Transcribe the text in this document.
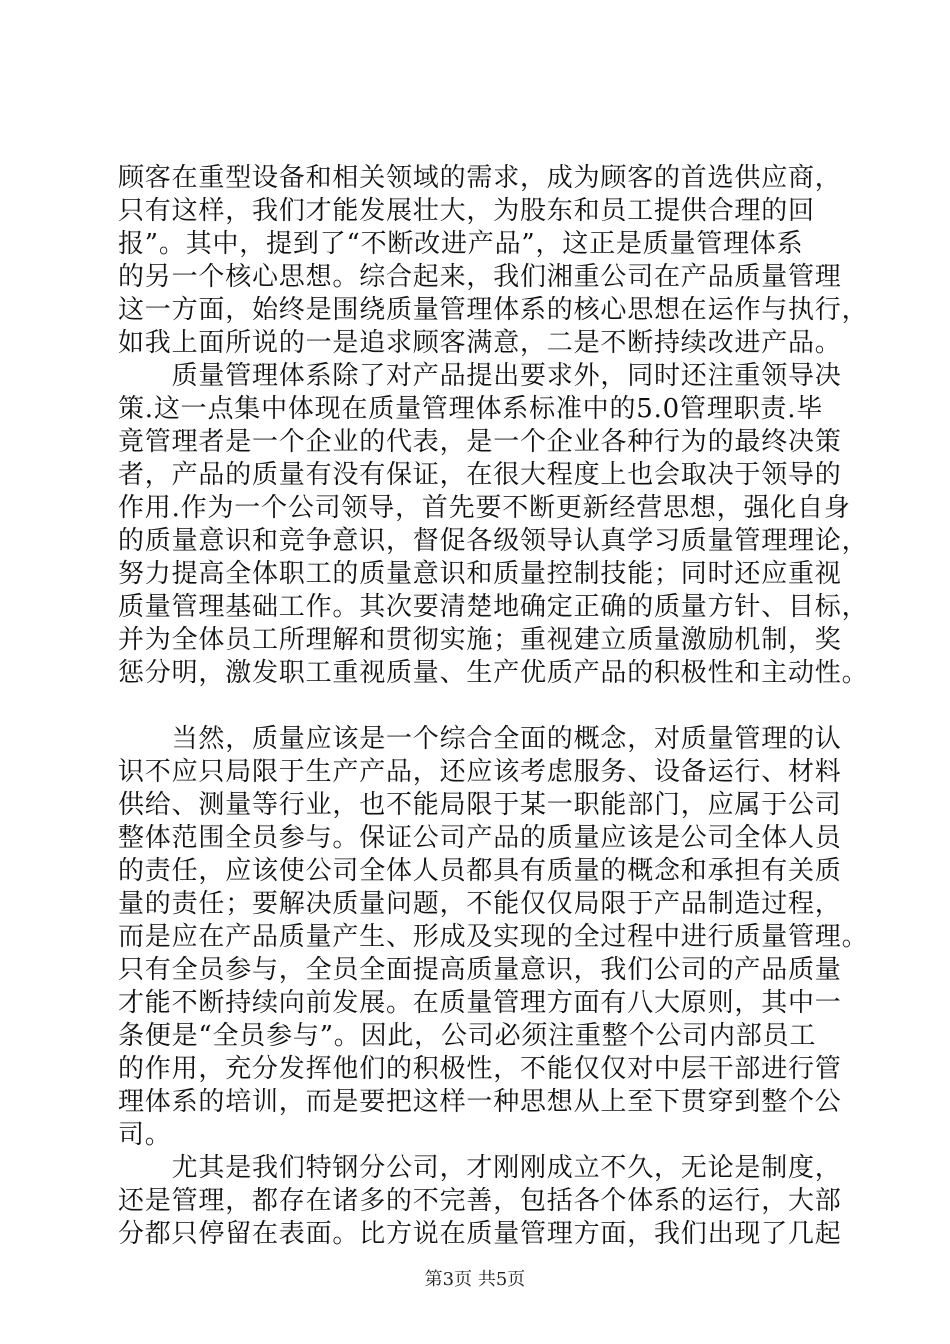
顾客在重型设备和相关领域的需求，成为顾客的首选供应商，
只有这样，我们才能发展壮大，为股东和员工提供合理的回
报”。其中，提到了“不断改进产品”，这正是质量管理体系
的另一个核心思想。综合起来，我们湘重公司在产品质量管理
这一方面，始终是围绕质量管理体系的核心思想在运作与执行，
如我上面所说的一是追求顾客满意，二是不断持续改进产品。
　　质量管理体系除了对产品提出要求外，同时还注重领导决
策.这一点集中体现在质量管理体系标准中的5.0管理职责.毕
竟管理者是一个企业的代表，是一个企业各种行为的最终决策
者，产品的质量有没有保证，在很大程度上也会取决于领导的
作用.作为一个公司领导，首先要不断更新经营思想，强化自身
的质量意识和竞争意识，督促各级领导认真学习质量管理理论，
努力提高全体职工的质量意识和质量控制技能；同时还应重视
质量管理基础工作。其次要清楚地确定正确的质量方针、目标，
并为全体员工所理解和贯彻实施；重视建立质量激励机制，奖
惩分明，激发职工重视质量、生产优质产品的积极性和主动性。
　　当然，质量应该是一个综合全面的概念，对质量管理的认
识不应只局限于生产产品，还应该考虑服务、设备运行、材料
供给、测量等行业，也不能局限于某一职能部门，应属于公司
整体范围全员参与。保证公司产品的质量应该是公司全体人员
的责任，应该使公司全体人员都具有质量的概念和承担有关质
量的责任；要解决质量问题，不能仅仅局限于产品制造过程，
而是应在产品质量产生、形成及实现的全过程中进行质量管理。
只有全员参与，全员全面提高质量意识，我们公司的产品质量
才能不断持续向前发展。在质量管理方面有八大原则，其中一
条便是“全员参与”。因此，公司必须注重整个公司内部员工
的作用，充分发挥他们的积极性，不能仅仅对中层干部进行管
理体系的培训，而是要把这样一种思想从上至下贯穿到整个公
司。
　　尤其是我们特钢分公司，才刚刚成立不久，无论是制度，
还是管理，都存在诸多的不完善，包括各个体系的运行，大部
分都只停留在表面。比方说在质量管理方面，我们出现了几起
第3页 共5页
